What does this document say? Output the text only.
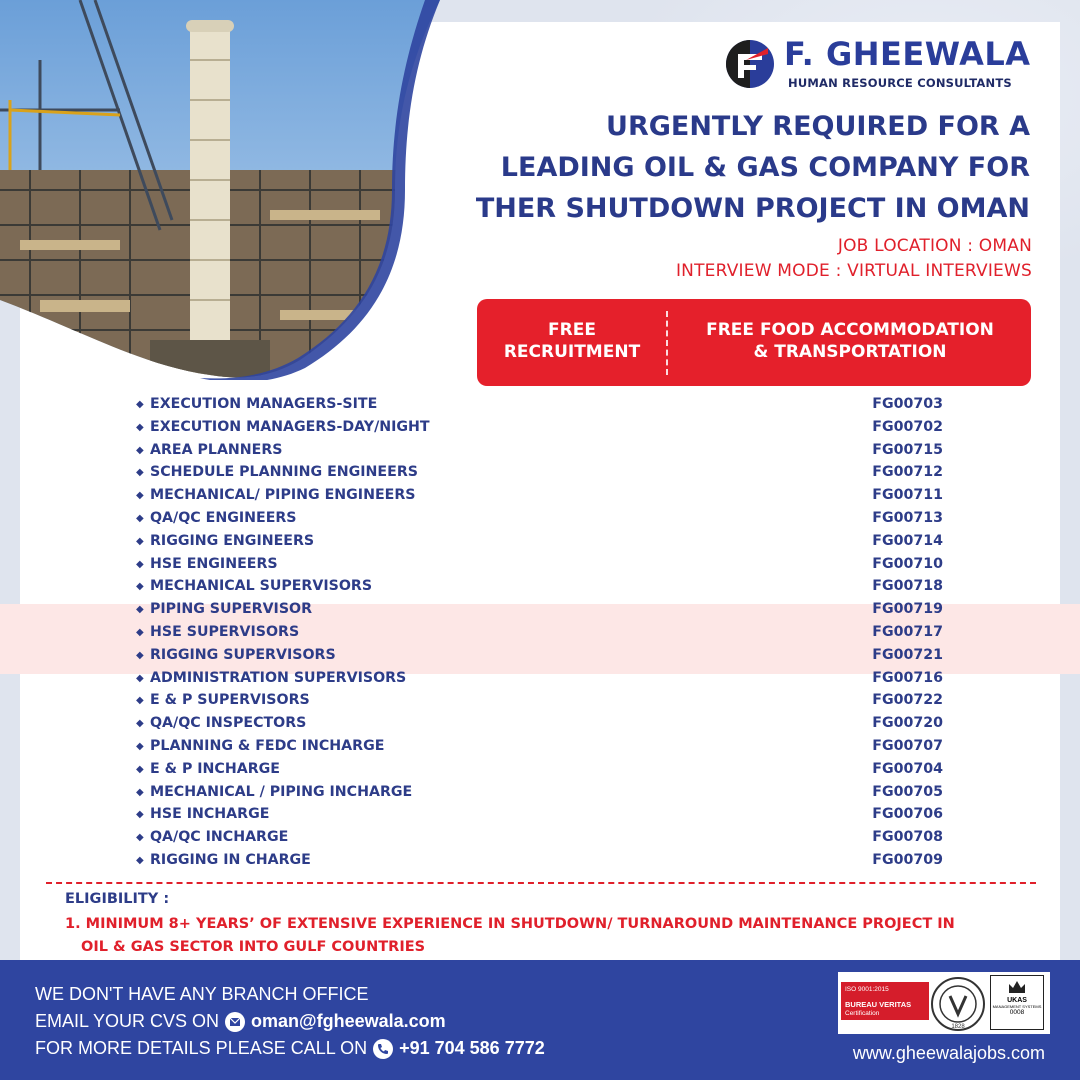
F. GHEEWALA
HUMAN RESOURCE CONSULTANTS
URGENTLY REQUIRED FOR A
LEADING OIL & GAS COMPANY FOR
THER SHUTDOWN PROJECT IN OMAN
JOB LOCATION : OMAN
INTERVIEW MODE : VIRTUAL INTERVIEWS
FREE
RECRUITMENT
FREE FOOD ACCOMMODATION
& TRANSPORTATION
◆ EXECUTION MANAGERS-SITE	FG00703
◆ EXECUTION MANAGERS-DAY/NIGHT	FG00702
◆ AREA PLANNERS	FG00715
◆ SCHEDULE PLANNING ENGINEERS	FG00712
◆ MECHANICAL/ PIPING ENGINEERS	FG00711
◆ QA/QC ENGINEERS	FG00713
◆ RIGGING ENGINEERS	FG00714
◆ HSE ENGINEERS	FG00710
◆ MECHANICAL SUPERVISORS	FG00718
◆ PIPING SUPERVISOR	FG00719
◆ HSE SUPERVISORS	FG00717
◆ RIGGING SUPERVISORS	FG00721
◆ ADMINISTRATION SUPERVISORS	FG00716
◆ E & P SUPERVISORS	FG00722
◆ QA/QC INSPECTORS	FG00720
◆ PLANNING & FEDC INCHARGE	FG00707
◆ E & P INCHARGE	FG00704
◆ MECHANICAL / PIPING INCHARGE	FG00705
◆ HSE INCHARGE	FG00706
◆ QA/QC INCHARGE	FG00708
◆ RIGGING IN CHARGE	FG00709
ELIGIBILITY :
1. MINIMUM 8+ YEARS’ OF EXTENSIVE EXPERIENCE IN SHUTDOWN/ TURNAROUND MAINTENANCE PROJECT IN
OIL & GAS SECTOR INTO GULF COUNTRIES
WE DON'T HAVE ANY BRANCH OFFICE
EMAIL YOUR CVS ON oman@fgheewala.com
FOR MORE DETAILS PLEASE CALL ON +91 704 586 7772
ISO 9001:2015
BUREAU VERITAS
Certification
1828
UKAS
MANAGEMENT SYSTEMS
0008
www.gheewalajobs.com
